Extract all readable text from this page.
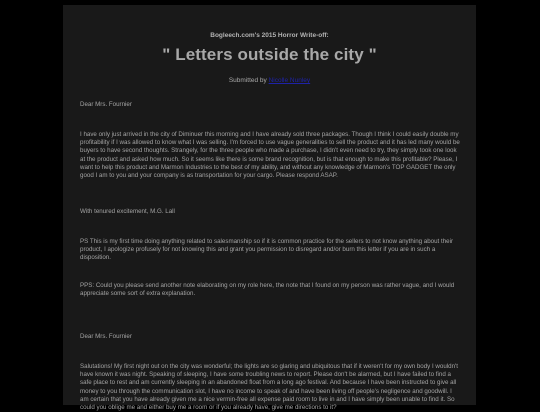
Bogleech.com's 2015 Horror Write-off:
" Letters outside the city "
Submitted by Nicolle Nunley

Dear Mrs. Fournier

I have only just arrived in the city of Diminuer this morning and I have already sold three packages. Though I think I could easily double my profitability if I was allowed to know what I was selling. I'm forced to use vague generalities to sell the product and it has led many would be buyers to have second thoughts. Strangely, for the three people who made a purchase, I didn't even need to try, they simply took one look at the product and asked how much. So it seems like there is some brand recognition, but is that enough to make this profitable? Please, I want to help this product and Marmon Industries to the best of my ability, and without any knowledge of Marmon's TOP GADGET the only good I am to you and your company is as transportation for your cargo. Please respond ASAP.

With tenured excitement, M.G. Lall

PS This is my first time doing anything related to salesmanship so if it is common practice for the sellers to not know anything about their product, I apologize profusely for not knowing this and grant you permission to disregard and/or burn this letter if you are in such a disposition.

PPS: Could you please send another note elaborating on my role here, the note that I found on my person was rather vague, and I would appreciate some sort of extra explanation.

Dear Mrs. Fournier

Salutations! My first night out on the city was wonderful; the lights are so glaring and ubiquitous that if it weren't for my own body I wouldn't have known it was night. Speaking of sleeping, I have some troubling news to report. Please don't be alarmed, but I have failed to find a safe place to rest and am currently sleeping in an abandoned float from a long ago festival. And because I have been instructed to give all money to you through the communication slot, I have no income to speak of and have been living off people's negligence and goodwill. I am certain that you have already given me a nice vermin-free all expense paid room to live in and I have simply been unable to find it. So could you oblige me and either buy me a room or if you already have, give me directions to it?
